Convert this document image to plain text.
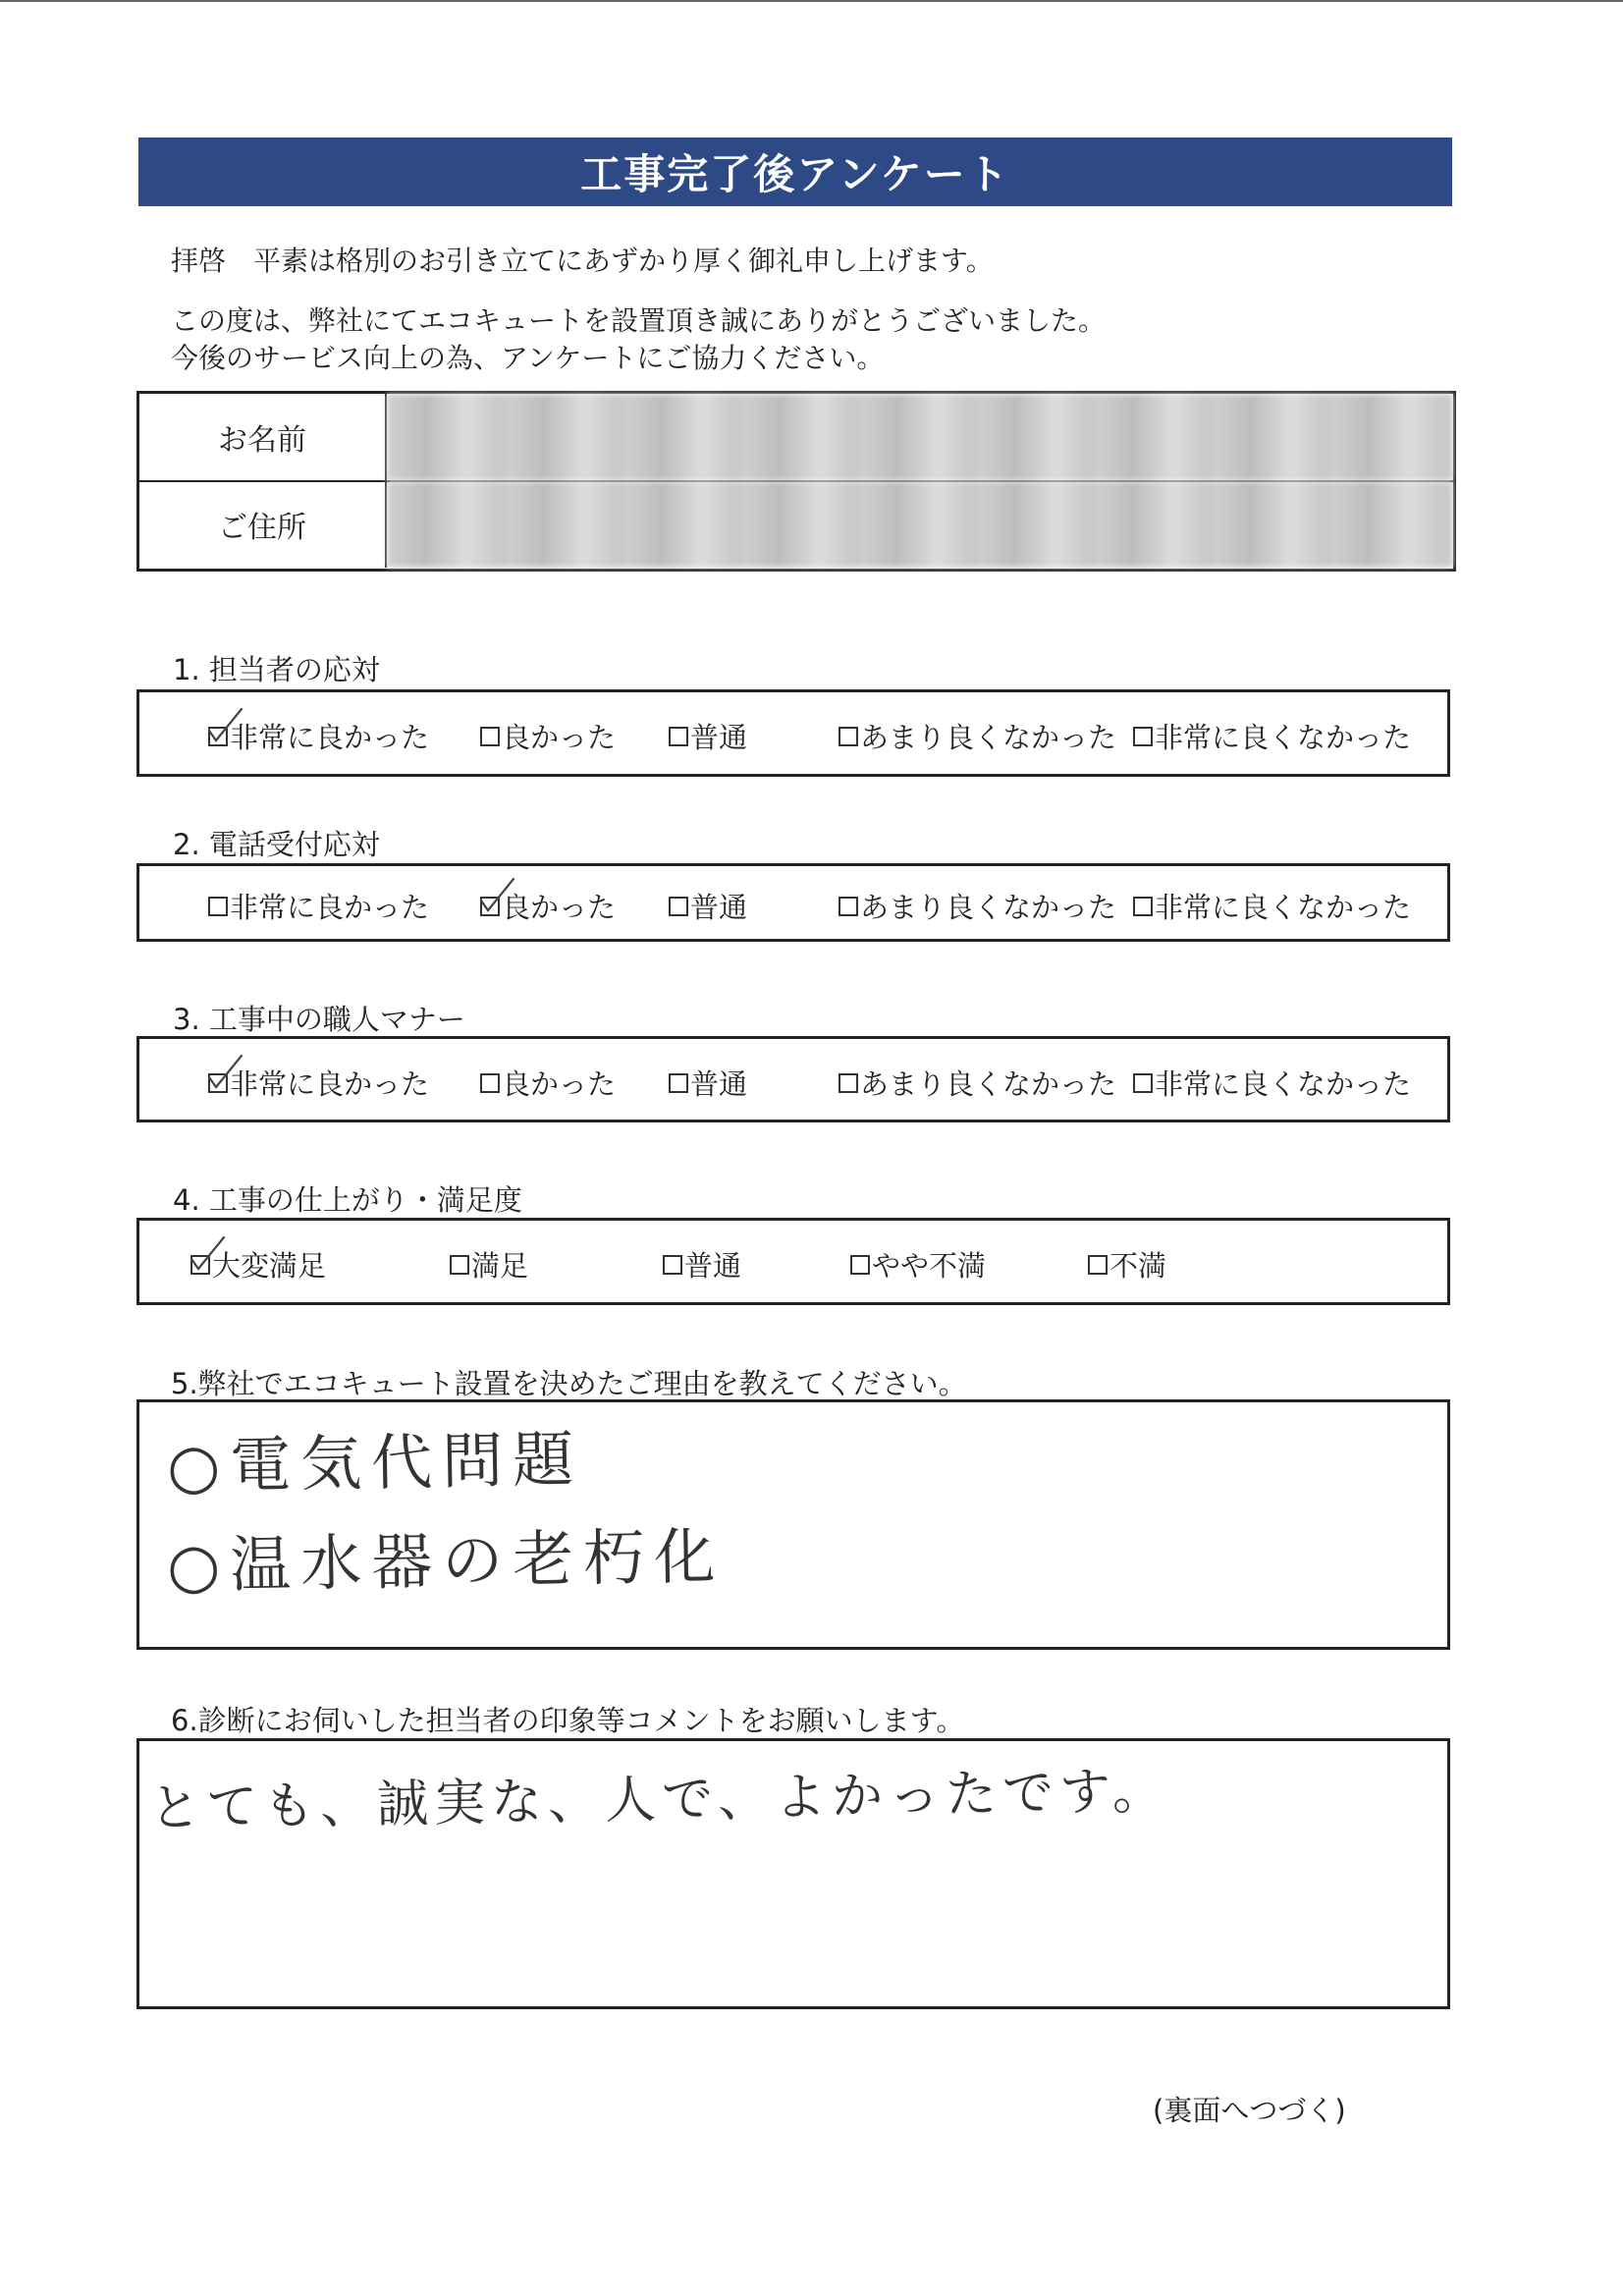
工事完了後アンケート
拝啓　平素は格別のお引き立てにあずかり厚く御礼申し上げます。
この度は、弊社にてエコキュートを設置頂き誠にありがとうございました。
今後のサービス向上の為、アンケートにご協力ください。
お名前
ご住所
1. 担当者の応対
非常に良かった	良かった	普通	あまり良くなかった 非常に良くなかった
2. 電話受付応対
非常に良かった	良かった	普通	あまり良くなかった 非常に良くなかった
3. 工事中の職人マナー
非常に良かった	良かった	普通	あまり良くなかった 非常に良くなかった
4. 工事の仕上がり・満足度
大変満足	満足	普通	やや不満	不満
5.弊社でエコキュート設置を決めたご理由を教えてください。
○電気代問題
○温水器の老朽化
6.診断にお伺いした担当者の印象等コメントをお願いします。
とても、誠実な、人で、よかったです。
(裏面へつづく)
